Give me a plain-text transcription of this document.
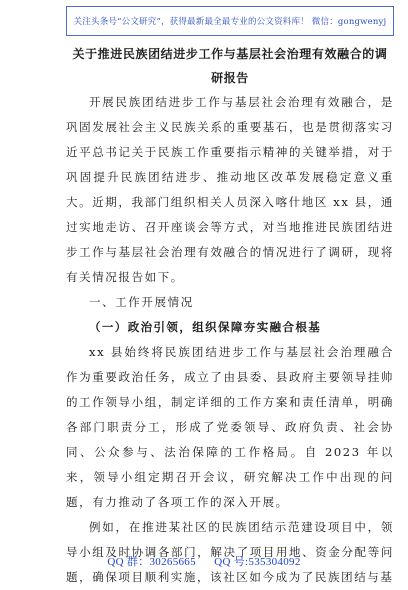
关注头条号“公文研究”，获得最新最全最专业的公文资料库！ 微信：gongwenyj

关于推进民族团结进步工作与基层社会治理有效融合的调
研报告

开展民族团结进步工作与基层社会治理有效融合，是巩固发展社会主义民族关系的重要基石，也是贯彻落实习近平总书记关于民族工作重要指示精神的关键举措，对于巩固提升民族团结进步、推动地区改革发展稳定意义重大。近期，我部门组织相关人员深入喀什地区 xx 县，通过实地走访、召开座谈会等方式，对当地推进民族团结进步工作与基层社会治理有效融合的情况进行了调研，现将有关情况报告如下。

一、工作开展情况

（一）政治引领，组织保障夯实融合根基

xx 县始终将民族团结进步工作与基层社会治理融合作为重要政治任务，成立了由县委、县政府主要领导挂帅的工作领导小组，制定详细的工作方案和责任清单，明确各部门职责分工，形成了党委领导、政府负责、社会协同、公众参与、法治保障的工作格局。自 2023 年以来，领导小组定期召开会议，研究解决工作中出现的问题，有力推动了各项工作的深入开展。

例如，在推进某社区的民族团结示范建设项目中，领导小组及时协调各部门，解决了项目用地、资金分配等问题，确保项目顺利实施，该社区如今成为了民族团结与基

QQ 群：30265665 QQ 号:535304092
